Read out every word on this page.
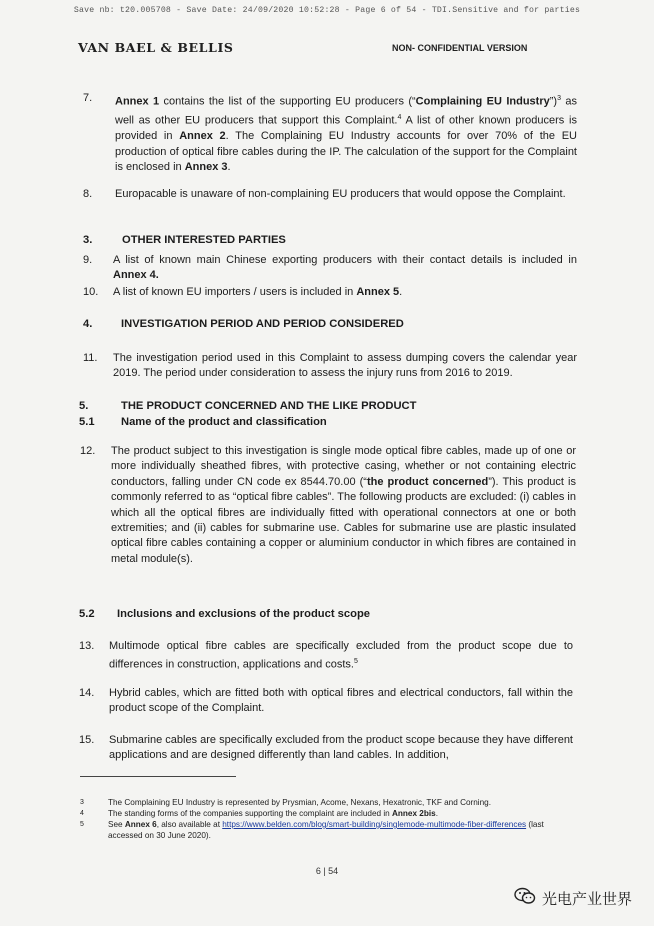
Save nb: t20.005708 - Save Date: 24/09/2020 10:52:28 - Page 6 of 54 - TDI.Sensitive and for parties
VAN BAEL & BELLIS	NON- CONFIDENTIAL VERSION
7. Annex 1 contains the list of the supporting EU producers (“Complaining EU Industry”)$^3$ as well as other EU producers that support this Complaint.$^4$ A list of other known producers is provided in Annex 2. The Complaining EU Industry accounts for over 70% of the EU production of optical fibre cables during the IP. The calculation of the support for the Complaint is enclosed in Annex 3.
8. Europacable is unaware of non-complaining EU producers that would oppose the Complaint.
3.	OTHER INTERESTED PARTIES
9. A list of known main Chinese exporting producers with their contact details is included in Annex 4.
10. A list of known EU importers / users is included in Annex 5.
4.	INVESTIGATION PERIOD AND PERIOD CONSIDERED
11. The investigation period used in this Complaint to assess dumping covers the calendar year 2019. The period under consideration to assess the injury runs from 2016 to 2019.
5.	THE PRODUCT CONCERNED AND THE LIKE PRODUCT
5.1 Name of the product and classification
12. The product subject to this investigation is single mode optical fibre cables, made up of one or more individually sheathed fibres, with protective casing, whether or not containing electric conductors, falling under CN code ex 8544.70.00 (“the product concerned”). This product is commonly referred to as “optical fibre cables”. The following products are excluded: (i) cables in which all the optical fibres are individually fitted with operational connectors at one or both extremities; and (ii) cables for submarine use. Cables for submarine use are plastic insulated optical fibre cables containing a copper or aluminium conductor in which fibres are contained in metal module(s).
5.2 Inclusions and exclusions of the product scope
13. Multimode optical fibre cables are specifically excluded from the product scope due to differences in construction, applications and costs.$^5$
14. Hybrid cables, which are fitted both with optical fibres and electrical conductors, fall within the product scope of the Complaint.
15. Submarine cables are specifically excluded from the product scope because they have different applications and are designed differently than land cables. In addition,
3	The Complaining EU Industry is represented by Prysmian, Acome, Nexans, Hexatronic, TKF and Corning.
4	The standing forms of the companies supporting the complaint are included in Annex 2bis.
5	See Annex 6, also available at https://www.belden.com/blog/smart-building/singlemode-multimode-fiber-differences (last accessed on 30 June 2020).
6 | 54
光电产业世界
